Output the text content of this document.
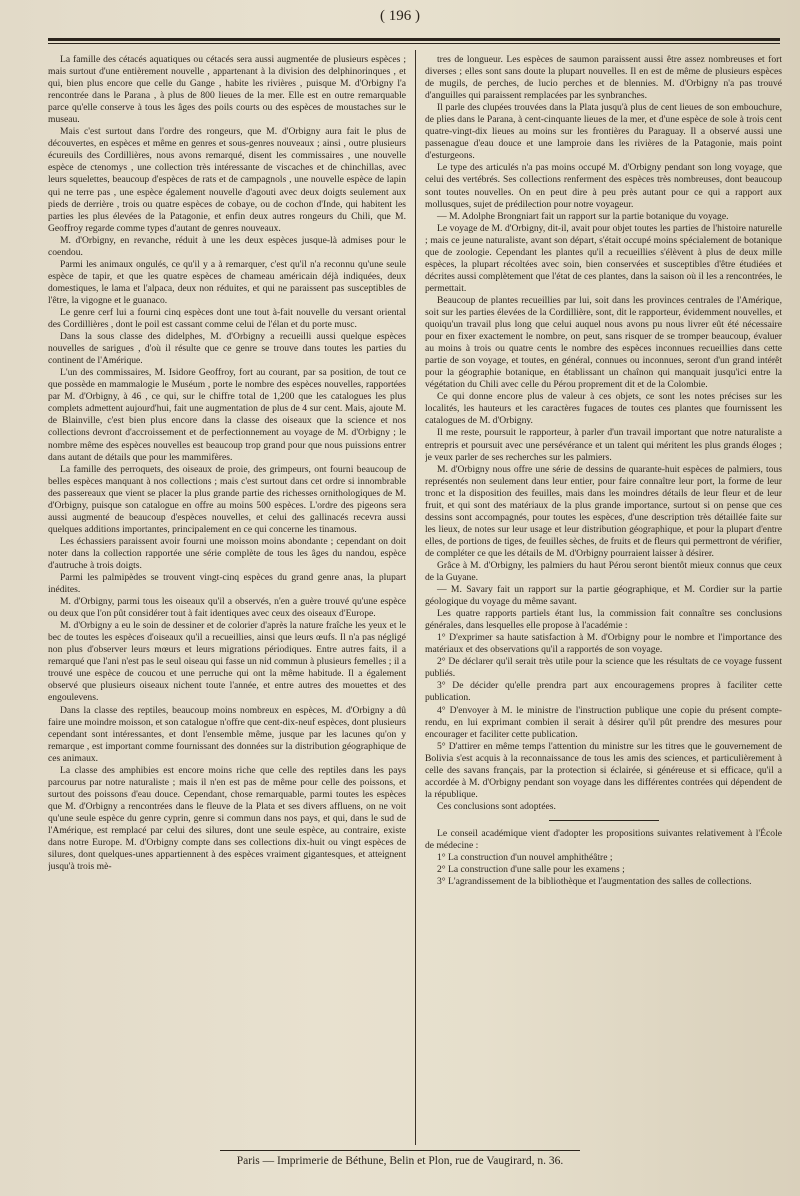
( 196 )

La famille des cétacés aquatiques ou cétacés sera aussi augmentée de plusieurs espèces ; mais surtout d'une entièrement nouvelle , appartenant à la division des delphinorinques , et qui, bien plus encore que celle du Gange , habite les rivières , puisque M. d'Orbigny l'a rencontrée dans le Parana , à plus de 800 lieues de la mer. Elle est en outre remarquable parce qu'elle conserve à tous les âges des poils courts ou des espèces de moustaches sur le museau.

Mais c'est surtout dans l'ordre des rongeurs, que M. d'Orbigny aura fait le plus de découvertes, en espèces et même en genres et sous-genres nouveaux ; ainsi , outre plusieurs écureuils des Cordillières, nous avons remarqué, disent les commissaires , une nouvelle espèce de ctenomys , une collection très intéressante de viscaches et de chinchillas, avec leurs squelettes, beaucoup d'espèces de rats et de campagnols , une nouvelle espèce de lapin qui ne terre pas , une espèce également nouvelle d'agouti avec deux doigts seulement aux pieds de derrière , trois ou quatre espèces de cobaye, ou de cochon d'Inde, qui habitent les parties les plus élevées de la Patagonie, et enfin deux autres rongeurs du Chili, que M. Geoffroy regarde comme types d'autant de genres nouveaux.

M. d'Orbigny, en revanche, réduit à une les deux espèces jusque-là admises pour le coendou.

Parmi les animaux ongulés, ce qu'il y a à remarquer, c'est qu'il n'a reconnu qu'une seule espèce de tapir, et que les quatre espèces de chameau américain déjà indiquées, deux domestiques, le lama et l'alpaca, deux non réduites, et qui ne paraissent pas susceptibles de l'être, la vigogne et le guanaco.

Le genre cerf lui a fourni cinq espèces dont une tout à-fait nouvelle du versant oriental des Cordillières , dont le poil est cassant comme celui de l'élan et du porte musc.

Dans la sous classe des didelphes, M. d'Orbigny a recueilli aussi quelque espèces nouvelles de sarigues , d'où il résulte que ce genre se trouve dans toutes les parties du continent de l'Amérique.

L'un des commissaires, M. Isidore Geoffroy, fort au courant, par sa position, de tout ce que possède en mammalogie le Muséum , porte le nombre des espèces nouvelles, rapportées par M. d'Orbigny, à 46 , ce qui, sur le chiffre total de 1,200 que les catalogues les plus complets admettent aujourd'hui, fait une augmentation de plus de 4 sur cent. Mais, ajoute M. de Blainville, c'est bien plus encore dans la classe des oiseaux que la science et nos collections devront d'accroissement et de perfectionnement au voyage de M. d'Orbigny ; le nombre même des espèces nouvelles est beaucoup trop grand pour que nous puissions entrer dans autant de détails que pour les mammifères.

La famille des perroquets, des oiseaux de proie, des grimpeurs, ont fourni beaucoup de belles espèces manquant à nos collections ; mais c'est surtout dans cet ordre si innombrable des passereaux que vient se placer la plus grande partie des richesses ornithologiques de M. d'Orbigny, puisque son catalogue en offre au moins 500 espèces. L'ordre des pigeons sera aussi augmenté de beaucoup d'espèces nouvelles, et celui des gallinacés recevra aussi quelques additions importantes, principalement en ce qui concerne les tinamous.

Les échassiers paraissent avoir fourni une moisson moins abondante ; cependant on doit noter dans la collection rapportée une série complète de tous les âges du nandou, espèce d'autruche à trois doigts.

Parmi les palmipèdes se trouvent vingt-cinq espèces du grand genre anas, la plupart inédites.

M. d'Orbigny, parmi tous les oiseaux qu'il a observés, n'en a guère trouvé qu'une espèce ou deux que l'on pût considérer tout à fait identiques avec ceux des oiseaux d'Europe.

M. d'Orbigny a eu le soin de dessiner et de colorier d'après la nature fraîche les yeux et le bec de toutes les espèces d'oiseaux qu'il a recueillies, ainsi que leurs œufs. Il n'a pas négligé non plus d'observer leurs mœurs et leurs migrations périodiques. Entre autres faits, il a remarqué que l'ani n'est pas le seul oiseau qui fasse un nid commun à plusieurs femelles ; il a trouvé une espèce de coucou et une perruche qui ont la même habitude. Il a également observé que plusieurs oiseaux nichent toute l'année, et entre autres des mouettes et des engoulevens.

Dans la classe des reptiles, beaucoup moins nombreux en espèces, M. d'Orbigny a dû faire une moindre moisson, et son catalogue n'offre que cent-dix-neuf espèces, dont plusieurs cependant sont intéressantes, et dont l'ensemble même, jusque par les lacunes qu'on y remarque , est important comme fournissant des données sur la distribution géographique de ces animaux.

La classe des amphibies est encore moins riche que celle des reptiles dans les pays parcourus par notre naturaliste ; mais il n'en est pas de même pour celle des poissons, et surtout des poissons d'eau douce. Cependant, chose remarquable, parmi toutes les espèces que M. d'Orbigny a rencontrées dans le fleuve de la Plata et ses divers affluens, on ne voit qu'une seule espèce du genre cyprin, genre si commun dans nos pays, et qui, dans le sud de l'Amérique, est remplacé par celui des silures, dont une seule espèce, au contraire, existe dans notre Europe. M. d'Orbigny compte dans ses collections dix-huit ou vingt espèces de silures, dont quelques-unes appartiennent à des espèces vraiment gigantesques, et atteignent jusqu'à trois mè-

tres de longueur. Les espèces de saumon paraissent aussi être assez nombreuses et fort diverses ; elles sont sans doute la plupart nouvelles. Il en est de même de plusieurs espèces de mugils, de perches, de lucio perches et de blennies. M. d'Orbigny n'a pas trouvé d'anguilles qui paraissent remplacées par les synbranches.

Il parle des clupées trouvées dans la Plata jusqu'à plus de cent lieues de son embouchure, de plies dans le Parana, à cent-cinquante lieues de la mer, et d'une espèce de sole à trois cent quatre-vingt-dix lieues au moins sur les frontières du Paraguay. Il a observé aussi une passenague d'eau douce et une lamproie dans les rivières de la Patagonie, mais point d'esturgeons.

Le type des articulés n'a pas moins occupé M. d'Orbigny pendant son long voyage, que celui des vertébrés. Ses collections renferment des espèces très nombreuses, dont beaucoup sont toutes nouvelles. On en peut dire à peu près autant pour ce qui a rapport aux mollusques, sujet de prédilection pour notre voyageur.

— M. Adolphe Brongniart fait un rapport sur la partie botanique du voyage.

Le voyage de M. d'Orbigny, dit-il, avait pour objet toutes les parties de l'histoire naturelle ; mais ce jeune naturaliste, avant son départ, s'était occupé moins spécialement de botanique que de zoologie. Cependant les plantes qu'il a recueillies s'élèvent à plus de deux mille espèces, la plupart récoltées avec soin, bien conservées et susceptibles d'être étudiées et décrites aussi complètement que l'état de ces plantes, dans la saison où il les a rencontrées, le permettait.

Beaucoup de plantes recueillies par lui, soit dans les provinces centrales de l'Amérique, soit sur les parties élevées de la Cordillière, sont, dit le rapporteur, évidemment nouvelles, et quoiqu'un travail plus long que celui auquel nous avons pu nous livrer eût été nécessaire pour en fixer exactement le nombre, on peut, sans risquer de se tromper beaucoup, évaluer au moins à trois ou quatre cents le nombre des espèces inconnues recueillies dans cette partie de son voyage, et toutes, en général, connues ou inconnues, seront d'un grand intérêt pour la géographie botanique, en établissant un chaînon qui manquait jusqu'ici entre la végétation du Chili avec celle du Pérou proprement dit et de la Colombie.

Ce qui donne encore plus de valeur à ces objets, ce sont les notes précises sur les localités, les hauteurs et les caractères fugaces de toutes ces plantes que fournissent les catalogues de M. d'Orbigny.

Il me reste, poursuit le rapporteur, à parler d'un travail important que notre naturaliste a entrepris et poursuit avec une persévérance et un talent qui méritent les plus grands éloges ; je veux parler de ses recherches sur les palmiers.

M. d'Orbigny nous offre une série de dessins de quarante-huit espèces de palmiers, tous représentés non seulement dans leur entier, pour faire connaître leur port, la forme de leur tronc et la disposition des feuilles, mais dans les moindres détails de leur fleur et de leur fruit, et qui sont des matériaux de la plus grande importance, surtout si on pense que ces dessins sont accompagnés, pour toutes les espèces, d'une description très détaillée faite sur les lieux, de notes sur leur usage et leur distribution géographique, et pour la plupart d'entre elles, de portions de tiges, de feuilles sèches, de fruits et de fleurs qui permettront de vérifier, de compléter ce que les détails de M. d'Orbigny pourraient laisser à désirer.

Grâce à M. d'Orbigny, les palmiers du haut Pérou seront bientôt mieux connus que ceux de la Guyane.

— M. Savary fait un rapport sur la partie géographique, et M. Cordier sur la partie géologique du voyage du même savant.

Les quatre rapports partiels étant lus, la commission fait connaître ses conclusions générales, dans lesquelles elle propose à l'académie :

1° D'exprimer sa haute satisfaction à M. d'Orbigny pour le nombre et l'importance des matériaux et des observations qu'il a rapportés de son voyage.

2° De déclarer qu'il serait très utile pour la science que les résultats de ce voyage fussent publiés.

3° De décider qu'elle prendra part aux encouragemens propres à faciliter cette publication.

4° D'envoyer à M. le ministre de l'instruction publique une copie du présent compte-rendu, en lui exprimant combien il serait à désirer qu'il pût prendre des mesures pour encourager et faciliter cette publication.

5° D'attirer en même temps l'attention du ministre sur les titres que le gouvernement de Bolivia s'est acquis à la reconnaissance de tous les amis des sciences, et particulièrement à celle des savans français, par la protection si éclairée, si généreuse et si efficace, qu'il a accordée à M. d'Orbigny pendant son voyage dans les différentes contrées qui dépendent de la république.

Ces conclusions sont adoptées.

Le conseil académique vient d'adopter les propositions suivantes relativement à l'École de médecine :

1° La construction d'un nouvel amphithéâtre ;

2° La construction d'une salle pour les examens ;

3° L'agrandissement de la bibliothèque et l'augmentation des salles de collections.

Paris — Imprimerie de Béthune, Belin et Plon, rue de Vaugirard, n. 36.
